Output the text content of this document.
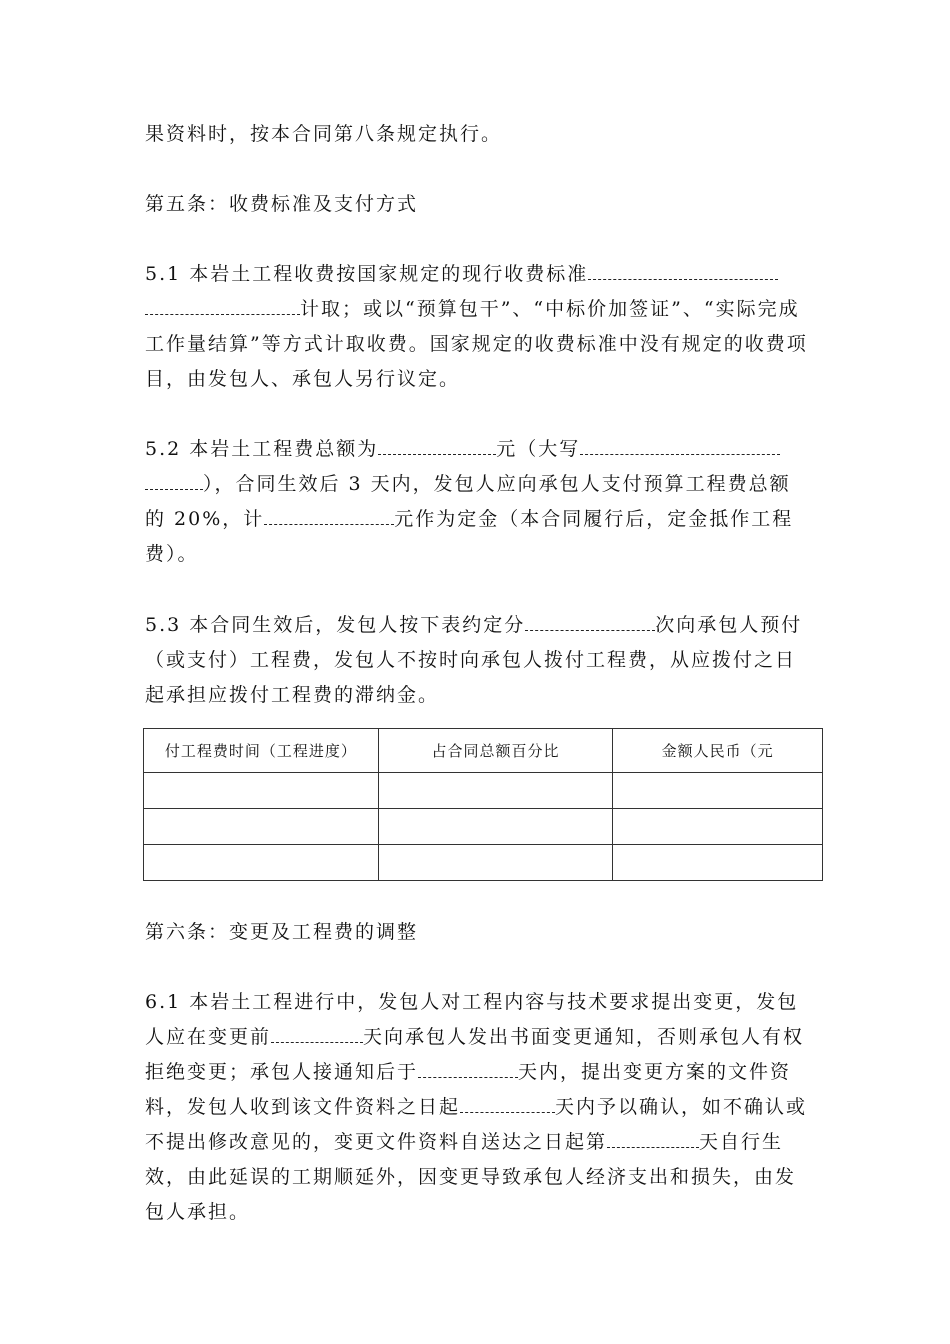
果资料时，按本合同第八条规定执行。

第五条：收费标准及支付方式

5.1 本岩土工程收费按国家规定的现行收费标准计取；或以“预算包干”、“中标价加签证”、“实际完成工作量结算”等方式计取收费。国家规定的收费标准中没有规定的收费项目，由发包人、承包人另行议定。

5.2 本岩土工程费总额为	元（大写），合同生效后 3 天内，发包人应向承包人支付预算工程费总额的 20%，计	元作为定金（本合同履行后，定金抵作工程费）。

5.3 本合同生效后，发包人按下表约定分	次向承包人预付（或支付）工程费，发包人不按时向承包人拨付工程费，从应拨付之日起承担应拨付工程费的滞纳金。

付工程费时间（工程进度）	占合同总额百分比	金额人民币（元

第六条：变更及工程费的调整

6.1 本岩土工程进行中，发包人对工程内容与技术要求提出变更，发包人应在变更前	天向承包人发出书面变更通知，否则承包人有权拒绝变更；承包人接通知后于	天内，提出变更方案的文件资料，发包人收到该文件资料之日起	天内予以确认，如不确认或不提出修改意见的，变更文件资料自送达之日起第	天自行生效，由此延误的工期顺延外，因变更导致承包人经济支出和损失，由发包人承担。
